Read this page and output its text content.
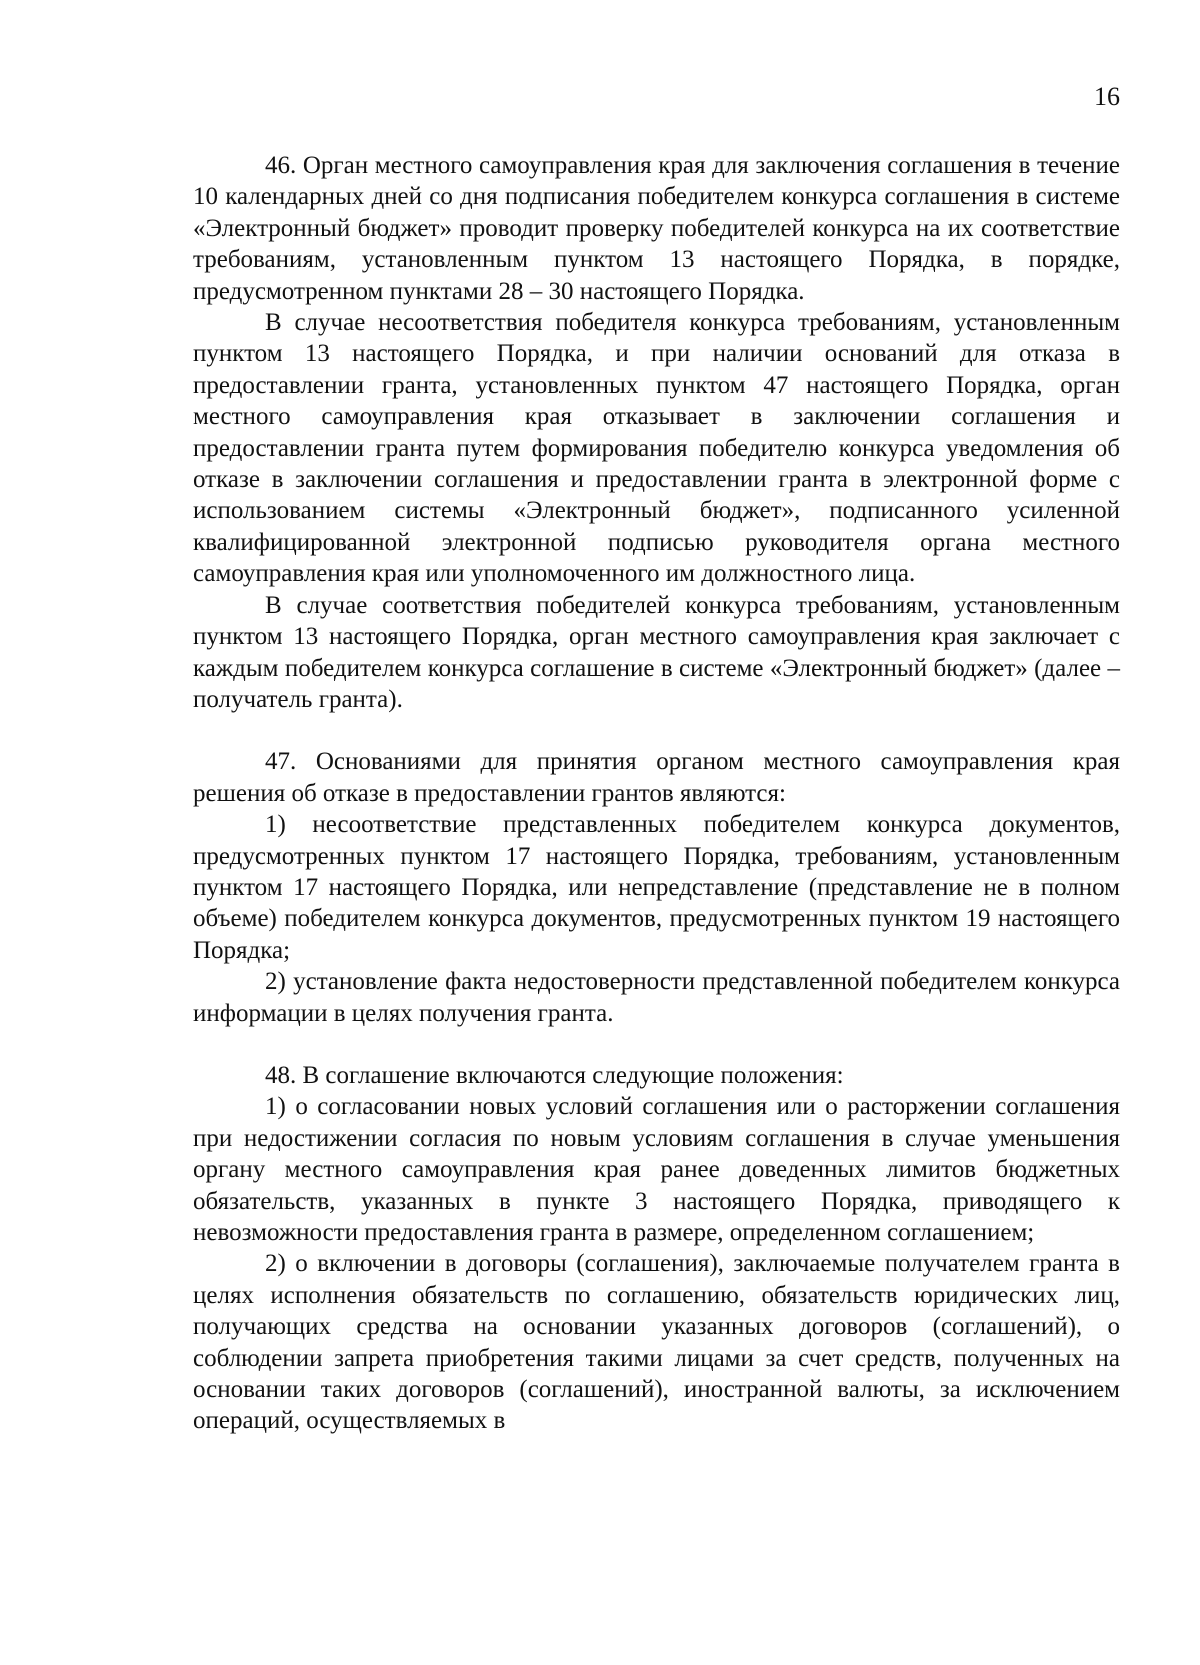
16

46. Орган местного самоуправления края для заключения соглашения в течение 10 календарных дней со дня подписания победителем конкурса соглашения в системе «Электронный бюджет» проводит проверку победителей конкурса на их соответствие требованиям, установленным пунктом 13 настоящего Порядка, в порядке, предусмотренном пунктами 28 – 30 настоящего Порядка.

В случае несоответствия победителя конкурса требованиям, установленным пунктом 13 настоящего Порядка, и при наличии оснований для отказа в предоставлении гранта, установленных пунктом 47 настоящего Порядка, орган местного самоуправления края отказывает в заключении соглашения и предоставлении гранта путем формирования победителю конкурса уведомления об отказе в заключении соглашения и предоставлении гранта в электронной форме с использованием системы «Электронный бюджет», подписанного усиленной квалифицированной электронной подписью руководителя органа местного самоуправления края или уполномоченного им должностного лица.

В случае соответствия победителей конкурса требованиям, установленным пунктом 13 настоящего Порядка, орган местного самоуправления края заключает с каждым победителем конкурса соглашение в системе «Электронный бюджет» (далее – получатель гранта).

47. Основаниями для принятия органом местного самоуправления края решения об отказе в предоставлении грантов являются:

1) несоответствие представленных победителем конкурса документов, предусмотренных пунктом 17 настоящего Порядка, требованиям, установленным пунктом 17 настоящего Порядка, или непредставление (представление не в полном объеме) победителем конкурса документов, предусмотренных пунктом 19 настоящего Порядка;

2) установление факта недостоверности представленной победителем конкурса информации в целях получения гранта.

48. В соглашение включаются следующие положения:

1) о согласовании новых условий соглашения или о расторжении соглашения при недостижении согласия по новым условиям соглашения в случае уменьшения органу местного самоуправления края ранее доведенных лимитов бюджетных обязательств, указанных в пункте 3 настоящего Порядка, приводящего к невозможности предоставления гранта в размере, определенном соглашением;

2) о включении в договоры (соглашения), заключаемые получателем гранта в целях исполнения обязательств по соглашению, обязательств юридических лиц, получающих средства на основании указанных договоров (соглашений), о соблюдении запрета приобретения такими лицами за счет средств, полученных на основании таких договоров (соглашений), иностранной валюты, за исключением операций, осуществляемых в
